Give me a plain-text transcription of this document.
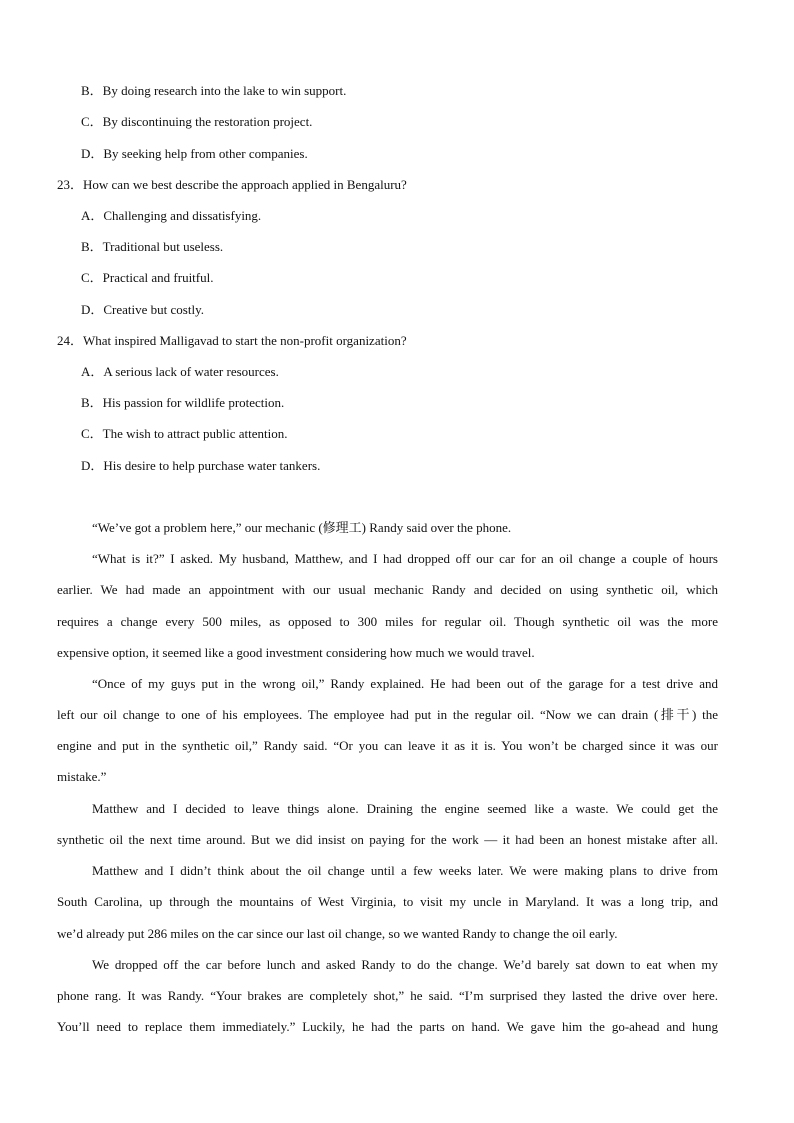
B．By doing research into the lake to win support.
C．By discontinuing the restoration project.
D．By seeking help from other companies.
23．How can we best describe the approach applied in Bengaluru?
A．Challenging and dissatisfying.
B．Traditional but useless.
C．Practical and fruitful.
D．Creative but costly.
24．What inspired Malligavad to start the non-profit organization?
A．A serious lack of water resources.
B．His passion for wildlife protection.
C．The wish to attract public attention.
D．His desire to help purchase water tankers.
“We’ve got a problem here,” our mechanic (修理工) Randy said over the phone.
“What is it?” I asked. My husband, Matthew, and I had dropped off our car for an oil change a couple of hours
earlier. We had made an appointment with our usual mechanic Randy and decided on using synthetic oil, which
requires a change every 500 miles, as opposed to 300 miles for regular oil. Though synthetic oil was the more
expensive option, it seemed like a good investment considering how much we would travel.
“Once of my guys put in the wrong oil,” Randy explained. He had been out of the garage for a test drive and
left our oil change to one of his employees. The employee had put in the regular oil. “Now we can drain (排干) the
engine and put in the synthetic oil,” Randy said. “Or you can leave it as it is. You won’t be charged since it was our
mistake.”
Matthew and I decided to leave things alone. Draining the engine seemed like a waste. We could get the
synthetic oil the next time around. But we did insist on paying for the work — it had been an honest mistake after all.
Matthew and I didn’t think about the oil change until a few weeks later. We were making plans to drive from
South Carolina, up through the mountains of West Virginia, to visit my uncle in Maryland. It was a long trip, and
we’d already put 286 miles on the car since our last oil change, so we wanted Randy to change the oil early.
We dropped off the car before lunch and asked Randy to do the change. We’d barely sat down to eat when my
phone rang. It was Randy. “Your brakes are completely shot,” he said. “I’m surprised they lasted the drive over here.
You’ll need to replace them immediately.” Luckily, he had the parts on hand. We gave him the go-ahead and hung
